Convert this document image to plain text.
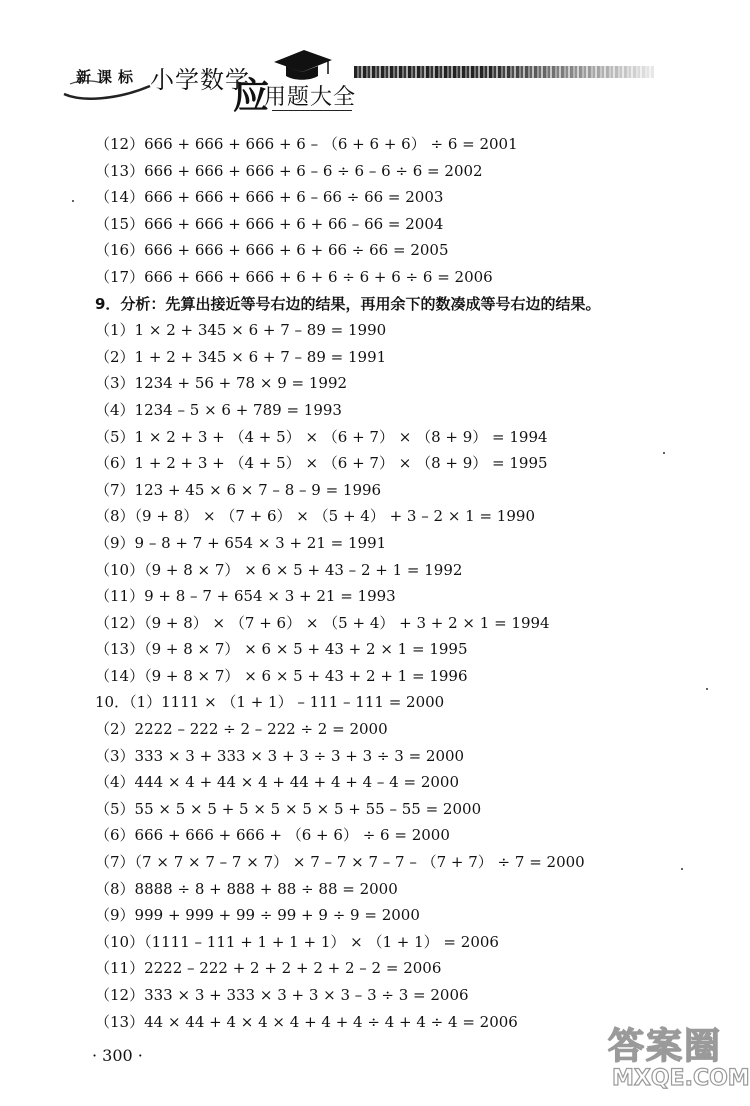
新课标 小学数学
应
用题大全
（12）666 + 666 + 666 + 6 – （6 + 6 + 6） ÷ 6 = 2001
（13）666 + 666 + 666 + 6 – 6 ÷ 6 – 6 ÷ 6 = 2002
（14）666 + 666 + 666 + 6 – 66 ÷ 66 = 2003
（15）666 + 666 + 666 + 6 + 66 – 66 = 2004
（16）666 + 666 + 666 + 6 + 66 ÷ 66 = 2005
（17）666 + 666 + 666 + 6 + 6 ÷ 6 + 6 ÷ 6 = 2006
9．分析：先算出接近等号右边的结果，再用余下的数凑成等号右边的结果。
（1）1 × 2 + 345 × 6 + 7 – 89 = 1990
（2）1 + 2 + 345 × 6 + 7 – 89 = 1991
（3）1234 + 56 + 78 × 9 = 1992
（4）1234 – 5 × 6 + 789 = 1993
（5）1 × 2 + 3 + （4 + 5） × （6 + 7） × （8 + 9） = 1994
（6）1 + 2 + 3 + （4 + 5） × （6 + 7） × （8 + 9） = 1995
（7）123 + 45 × 6 × 7 – 8 – 9 = 1996
（8）（9 + 8） × （7 + 6） × （5 + 4） + 3 – 2 × 1 = 1990
（9）9 – 8 + 7 + 654 × 3 + 21 = 1991
（10）（9 + 8 × 7） × 6 × 5 + 43 – 2 + 1 = 1992
（11）9 + 8 – 7 + 654 × 3 + 21 = 1993
（12）（9 + 8） × （7 + 6） × （5 + 4） + 3 + 2 × 1 = 1994
（13）（9 + 8 × 7） × 6 × 5 + 43 + 2 × 1 = 1995
（14）（9 + 8 × 7） × 6 × 5 + 43 + 2 + 1 = 1996
10．（1）1111 × （1 + 1） – 111 – 111 = 2000
（2）2222 – 222 ÷ 2 – 222 ÷ 2 = 2000
（3）333 × 3 + 333 × 3 + 3 ÷ 3 + 3 ÷ 3 = 2000
（4）444 × 4 + 44 × 4 + 44 + 4 + 4 – 4 = 2000
（5）55 × 5 × 5 + 5 × 5 × 5 × 5 + 55 – 55 = 2000
（6）666 + 666 + 666 + （6 + 6） ÷ 6 = 2000
（7）（7 × 7 × 7 – 7 × 7） × 7 – 7 × 7 – 7 – （7 + 7） ÷ 7 = 2000
（8）8888 ÷ 8 + 888 + 88 ÷ 88 = 2000
（9）999 + 999 + 99 ÷ 99 + 9 ÷ 9 = 2000
（10）（1111 – 111 + 1 + 1 + 1） × （1 + 1） = 2006
（11）2222 – 222 + 2 + 2 + 2 + 2 – 2 = 2006
（12）333 × 3 + 333 × 3 + 3 × 3 – 3 ÷ 3 = 2006
（13）44 × 44 + 4 × 4 × 4 + 4 + 4 ÷ 4 + 4 ÷ 4 = 2006
· 300 ·	答案圈
MXQE.COM
